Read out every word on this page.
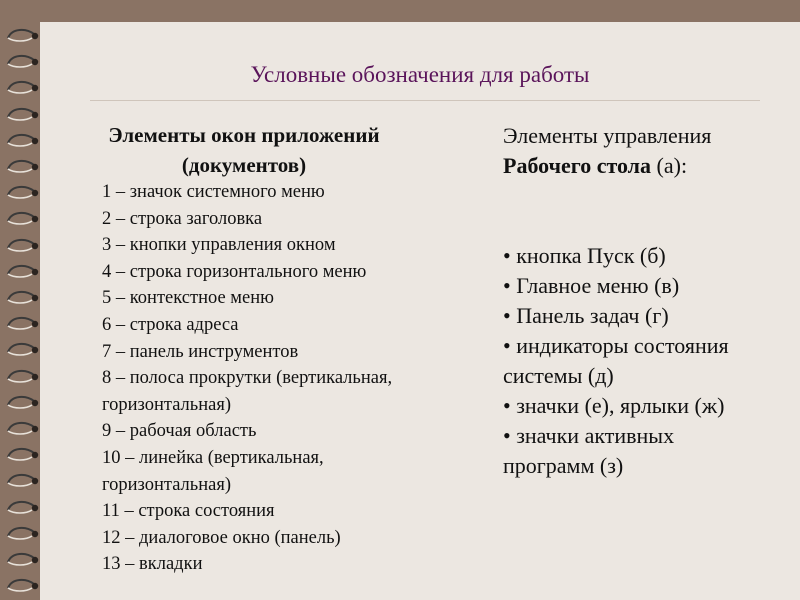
Условные обозначения для работы
Элементы окон приложений
(документов)
1 – значок системного меню
2 – строка заголовка
3 – кнопки управления окном
4 – строка горизонтального меню
5 – контекстное меню
6 – строка адреса
7 – панель инструментов
8 – полоса прокрутки (вертикальная,
горизонтальная)
9 – рабочая область
10 – линейка (вертикальная,
горизонтальная)
11 – строка состояния
12 – диалоговое окно (панель)
13 – вкладки
Элементы управления
Рабочего стола (а):
• кнопка Пуск (б)
• Главное меню (в)
• Панель задач (г)
• индикаторы состояния
системы (д)
• значки (е), ярлыки (ж)
• значки активных
программ (з)
